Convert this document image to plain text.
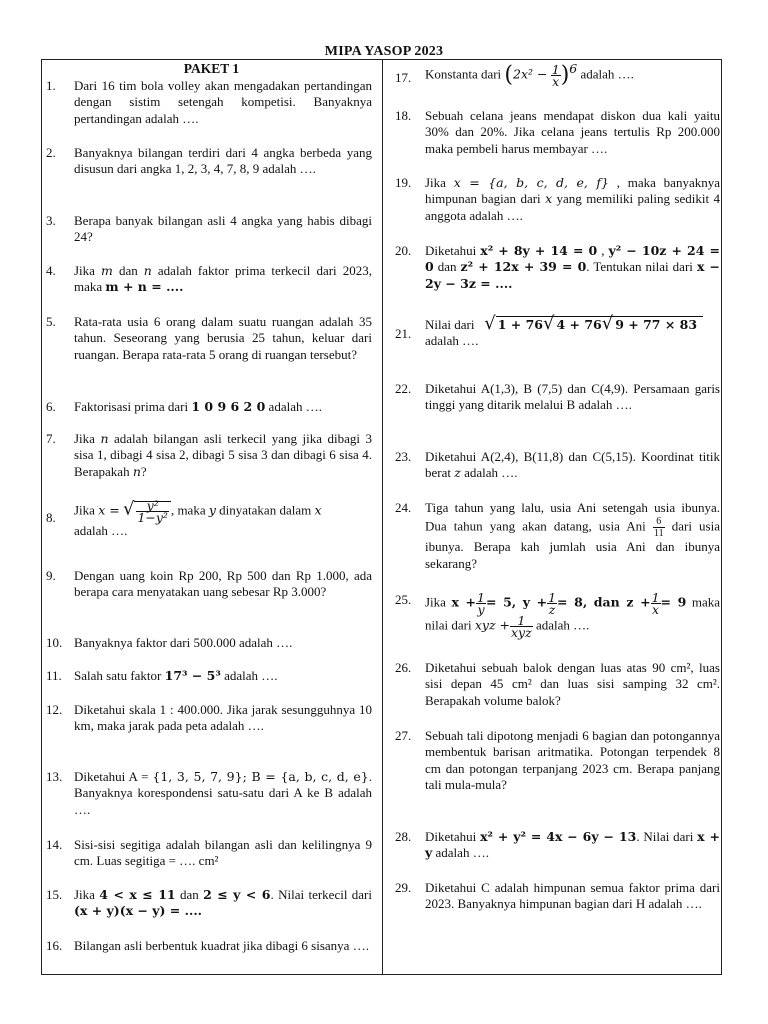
MIPA YASOP 2023
PAKET 1
1. Dari 16 tim bola volley akan mengadakan pertandingan dengan sistim setengah kompetisi. Banyaknya pertandingan adalah ….
2. Banyaknya bilangan terdiri dari 4 angka berbeda yang disusun dari angka 1, 2, 3, 4, 7, 8, 9 adalah ….
3. Berapa banyak bilangan asli 4 angka yang habis dibagi 24?
4. Jika m dan n adalah faktor prima terkecil dari 2023, maka m + n = ....
5. Rata-rata usia 6 orang dalam suatu ruangan adalah 35 tahun. Seseorang yang berusia 25 tahun, keluar dari ruangan. Berapa rata-rata 5 orang di ruangan tersebut?
6. Faktorisasi prima dari 1 0 9 6 2 0 adalah ….
7. Jika n adalah bilangan asli terkecil yang jika dibagi 3 sisa 1, dibagi 4 sisa 2, dibagi 5 sisa 3 dan dibagi 6 sisa 4. Berapakah n?
8.
Jika x = √ $\frac{\text{y²}}{\text{1−y²}}$ , maka y dinyatakan dalam x
adalah ….
9. Dengan uang koin Rp 200, Rp 500 dan Rp 1.000, ada berapa cara menyatakan uang sebesar Rp 3.000?
10. Banyaknya faktor dari 500.000 adalah ….
11. Salah satu faktor 17³ − 5³ adalah ….
12. Diketahui skala 1 : 400.000. Jika jarak sesungguhnya 10 km, maka jarak pada peta adalah ….
13. Diketahui A = {1, 3, 5, 7, 9}; B = {a, b, c, d, e}. Banyaknya korespondensi satu-satu dari A ke B adalah ….
14. Sisi-sisi segitiga adalah bilangan asli dan kelilingnya 9 cm. Luas segitiga = …. cm²
15. Jika 4 < x ≤ 11 dan 2 ≤ y < 6. Nilai terkecil dari (x + y)(x − y) = ....
16. Bilangan asli berbentuk kuadrat jika dibagi 6 sisanya ….
17. Konstanta dari $(2x^2 - \frac{1}{x} )^6$ adalah ….
18. Sebuah celana jeans mendapat diskon dua kali yaitu 30% dan 20%. Jika celana jeans tertulis Rp 200.000 maka pembeli harus membayar ….
19. Jika x = {a, b, c, d, e, f} , maka banyaknya himpunan bagian dari x yang memiliki paling sedikit 4 anggota adalah ….
20. Diketahui x² + 8y + 14 = 0 , y² − 10z + 24 = 0 dan z² + 12x + 39 = 0. Tentukan nilai dari x − 2y − 3z = ....
21.
Nilai dari √ 1 + 76√ 4 + 76√ 9 + 77 × 83
adalah ….
22. Diketahui A(1,3), B (7,5) dan C(4,9). Persamaan garis tinggi yang ditarik melalui B adalah ….
23. Diketahui A(2,4), B(11,8) dan C(5,15). Koordinat titik berat z adalah ….
24. Tiga tahun yang lalu, usia Ani setengah usia ibunya. Dua tahun yang akan datang, usia Ani $\frac{6}{11}$ dari usia ibunya. Berapa kah jumlah usia Ani dan ibunya sekarang?
25. Jika $x + \frac{1}{y} = 5$, $y + \frac{1}{z} = 8$, dan $z + \frac{1}{x} = 9$ maka nilai dari xyz + $\frac{1}{\text{xyz}}$ adalah ….
26. Diketahui sebuah balok dengan luas atas 90 cm², luas sisi depan 45 cm² dan luas sisi samping 32 cm². Berapakah volume balok?
27. Sebuah tali dipotong menjadi 6 bagian dan potongannya membentuk barisan aritmatika. Potongan terpendek 8 cm dan potongan terpanjang 2023 cm. Berapa panjang tali mula-mula?
28. Diketahui x² + y² = 4x − 6y − 13. Nilai dari x + y adalah ….
29. Diketahui C adalah himpunan semua faktor prima dari 2023. Banyaknya himpunan bagian dari H adalah ….
